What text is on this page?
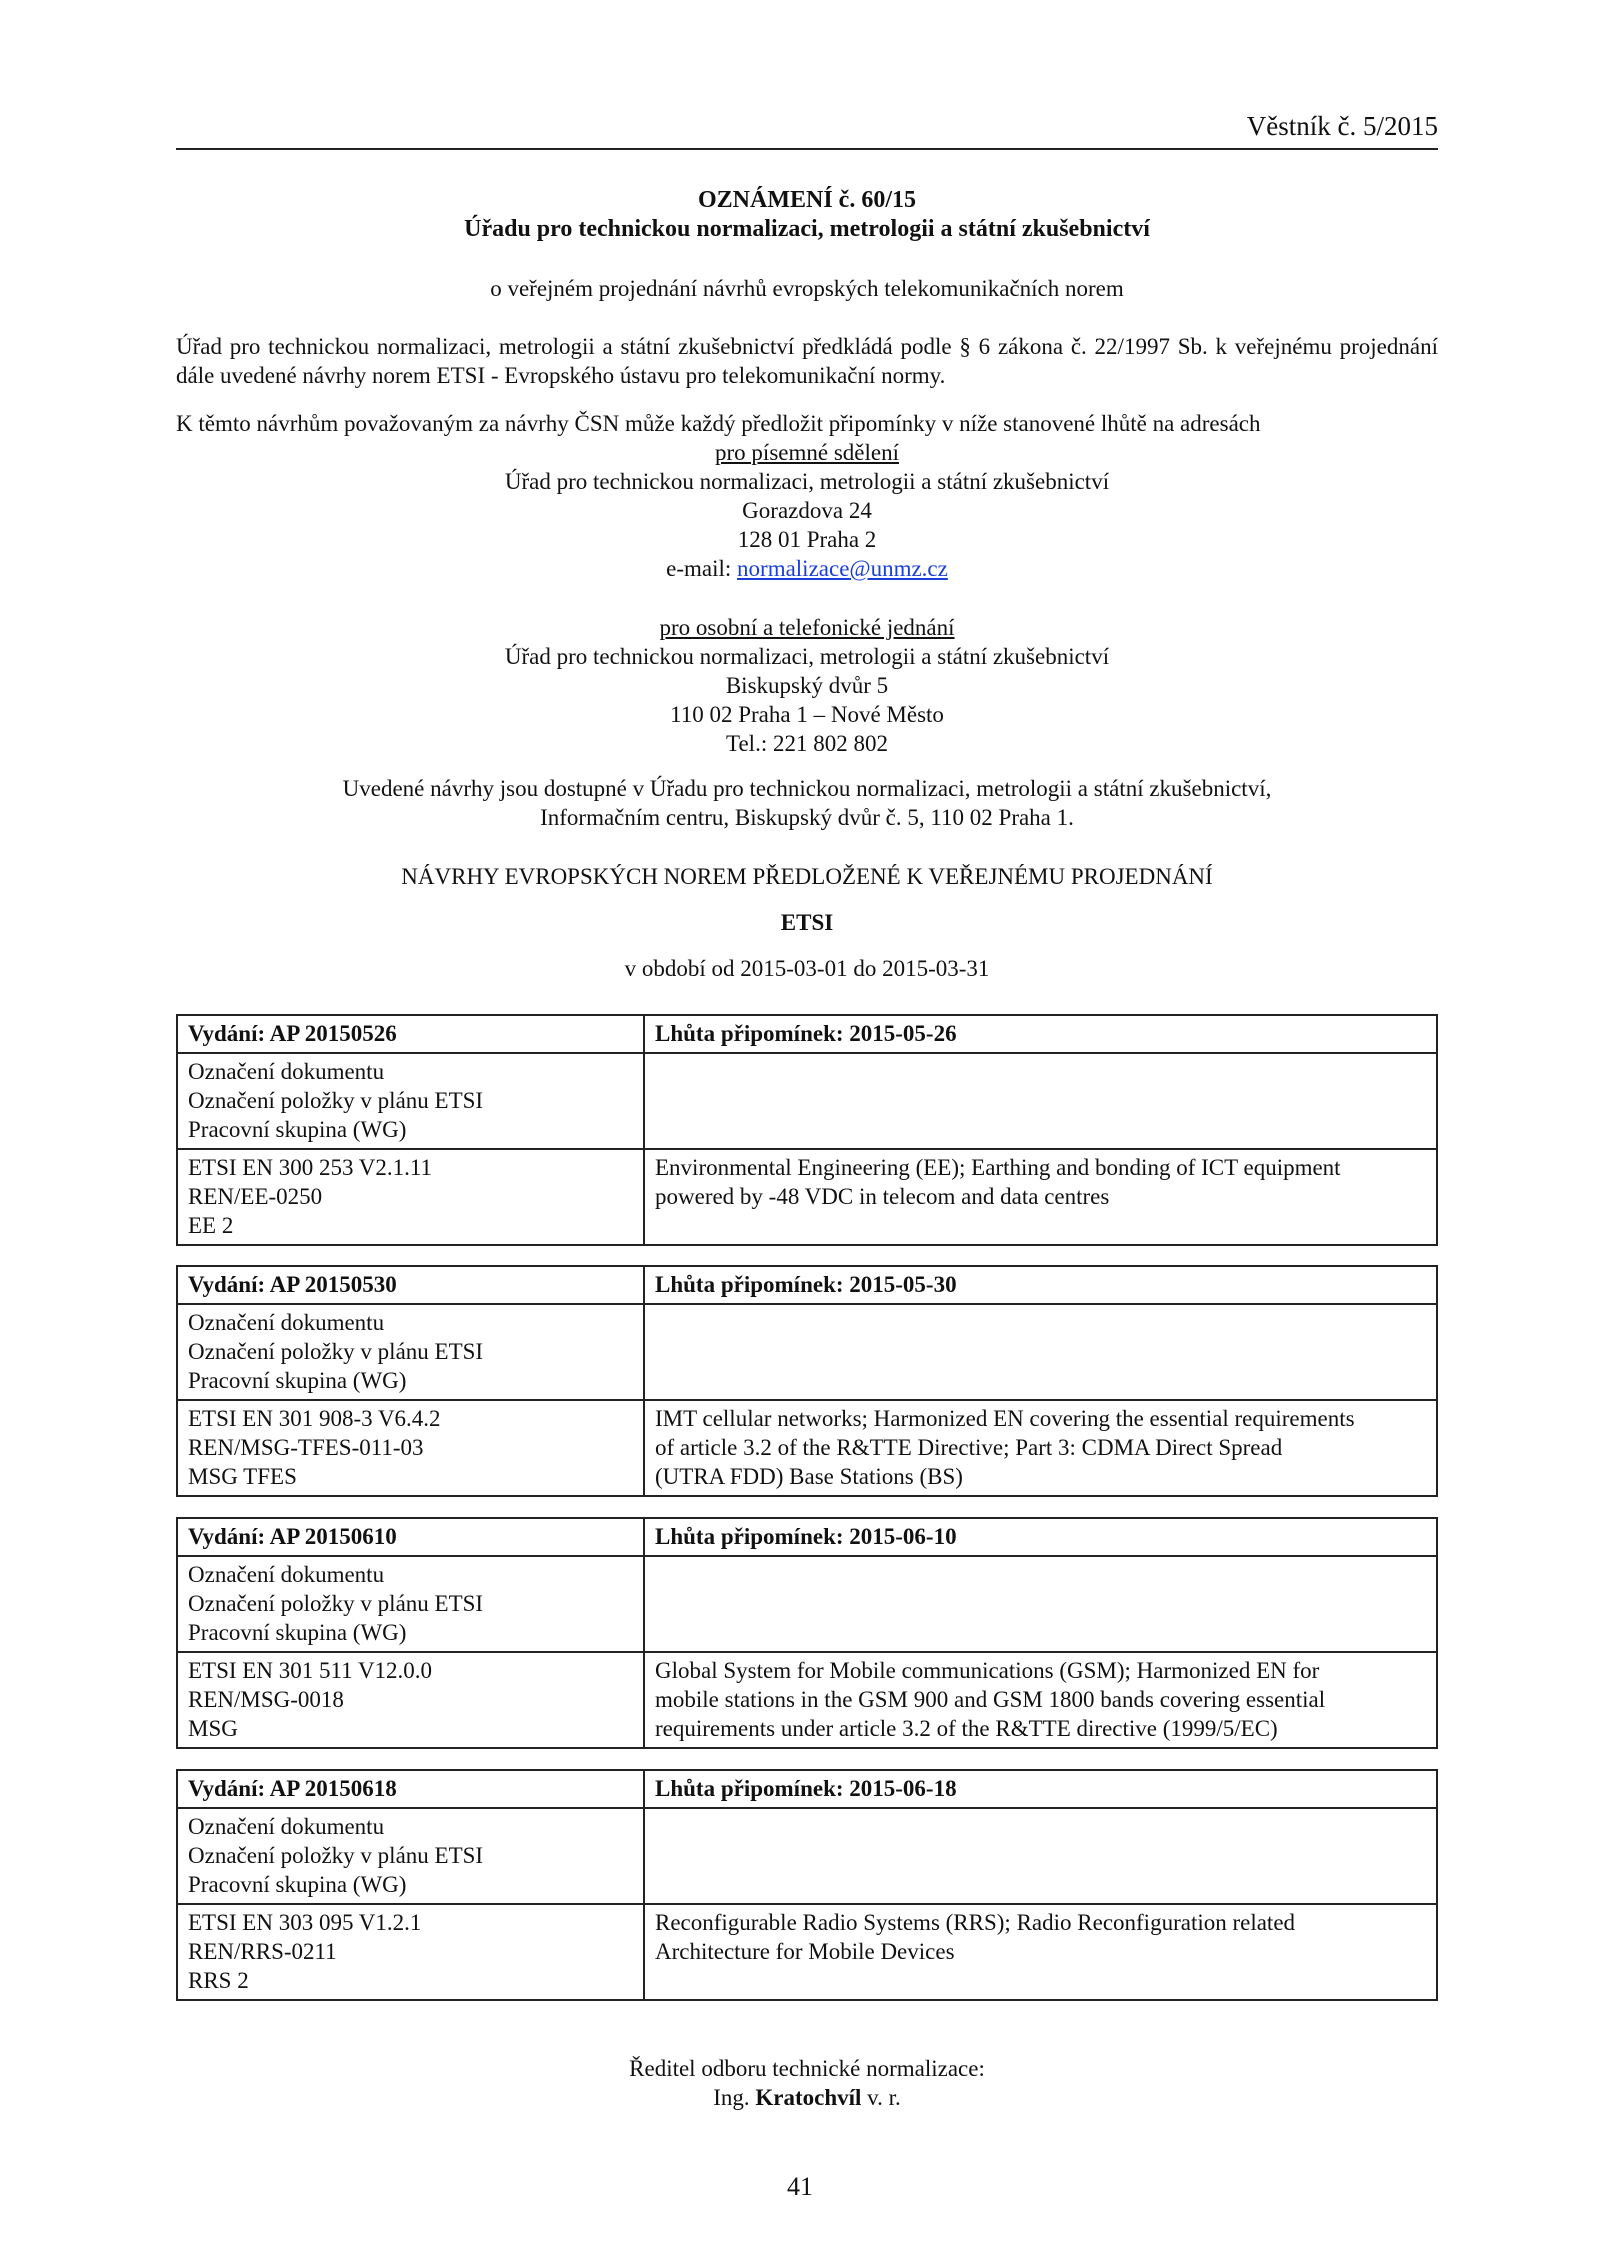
Věstník č. 5/2015
OZNÁMENÍ č. 60/15
Úřadu pro technickou normalizaci, metrologii a státní zkušebnictví
o veřejném projednání návrhů evropských telekomunikačních norem
Úřad pro technickou normalizaci, metrologii a státní zkušebnictví předkládá podle § 6 zákona č. 22/1997 Sb. k veřejnému projednání dále uvedené návrhy norem ETSI - Evropského ústavu pro telekomunikační normy.
K těmto návrhům považovaným za návrhy ČSN může každý předložit připomínky v níže stanovené lhůtě na adresách
pro písemné sdělení
Úřad pro technickou normalizaci, metrologii a státní zkušebnictví
Gorazdova 24
128 01 Praha 2
e-mail: normalizace@unmz.cz
pro osobní a telefonické jednání
Úřad pro technickou normalizaci, metrologii a státní zkušebnictví
Biskupský dvůr 5
110 02 Praha 1 – Nové Město
Tel.: 221 802 802
Uvedené návrhy jsou dostupné v Úřadu pro technickou normalizaci, metrologii a státní zkušebnictví,
Informačním centru, Biskupský dvůr č. 5, 110 02 Praha 1.
NÁVRHY EVROPSKÝCH NOREM PŘEDLOŽENÉ K VEŘEJNÉMU PROJEDNÁNÍ
ETSI
v období od 2015-03-01 do 2015-03-31
Vydání: AP 20150526	Lhůta připomínek: 2015-05-26

Označení dokumentu
Označení položky v plánu ETSI
Pracovní skupina (WG)	

ETSI EN 300 253 V2.1.11
REN/EE-0250
EE 2	Environmental Engineering (EE); Earthing and bonding of ICT equipment
powered by -48 VDC in telecom and data centres
Vydání: AP 20150530	Lhůta připomínek: 2015-05-30

Označení dokumentu
Označení položky v plánu ETSI
Pracovní skupina (WG)	

ETSI EN 301 908-3 V6.4.2
REN/MSG-TFES-011-03
MSG TFES	IMT cellular networks; Harmonized EN covering the essential requirements
of article 3.2 of the R&TTE Directive; Part 3: CDMA Direct Spread
(UTRA FDD) Base Stations (BS)
Vydání: AP 20150610	Lhůta připomínek: 2015-06-10

Označení dokumentu
Označení položky v plánu ETSI
Pracovní skupina (WG)	

ETSI EN 301 511 V12.0.0
REN/MSG-0018
MSG	Global System for Mobile communications (GSM); Harmonized EN for
mobile stations in the GSM 900 and GSM 1800 bands covering essential
requirements under article 3.2 of the R&TTE directive (1999/5/EC)
Vydání: AP 20150618	Lhůta připomínek: 2015-06-18

Označení dokumentu
Označení položky v plánu ETSI
Pracovní skupina (WG)	

ETSI EN 303 095 V1.2.1
REN/RRS-0211
RRS 2	Reconfigurable Radio Systems (RRS); Radio Reconfiguration related
Architecture for Mobile Devices
Ředitel odboru technické normalizace:
Ing. Kratochvíl v. r.
41
